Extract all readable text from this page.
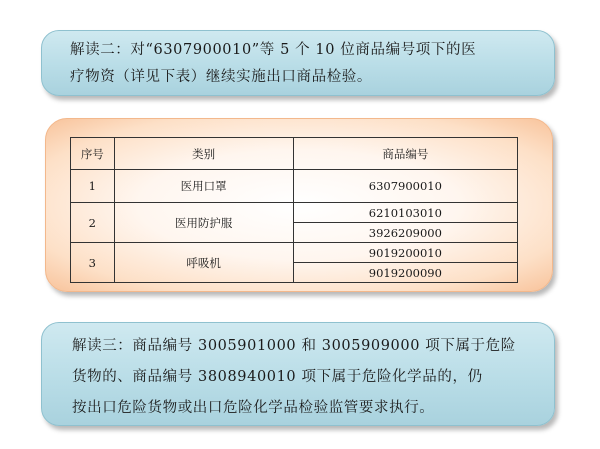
解读二：对“6307900010”等 5 个 10 位商品编号项下的医

疗物资（详见下表）继续实施出口商品检验。

序号	类别	商品编号
1	医用口罩	6307900010
2	医用防护服	6210103010
		3926209000
3	呼吸机	9019200010
		9019200090

解读三：商品编号 3005901000 和 3005909000 项下属于危险

货物的、商品编号 3808940010 项下属于危险化学品的，仍

按出口危险货物或出口危险化学品检验监管要求执行。
